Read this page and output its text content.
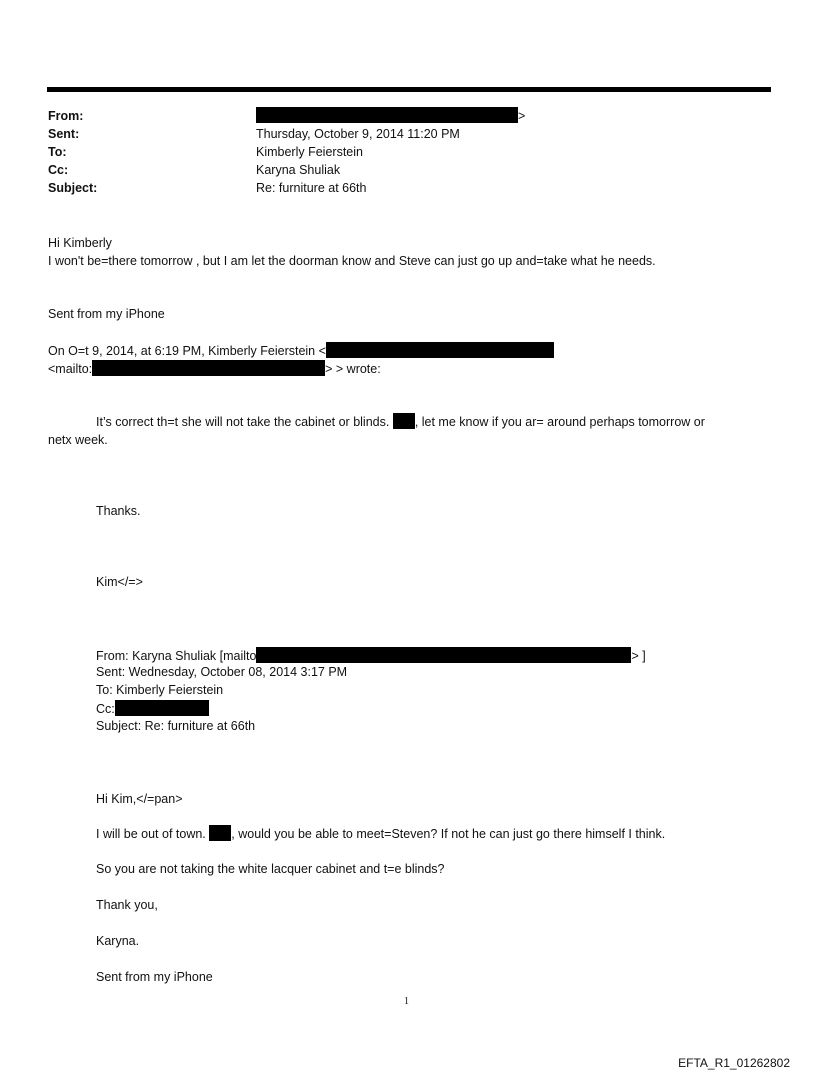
From:	>
Sent:	Thursday, October 9, 2014 11:20 PM
To:	Kimberly Feierstein
Cc:	Karyna Shuliak
Subject:	Re: furniture at 66th
Hi Kimberly
I won't be=there tomorrow , but I am let the doorman know and Steve can just go up and=take what he needs.
Sent from my iPhone
On O=t 9, 2014, at 6:19 PM, Kimberly Feierstein <
<mailto:	> > wrote:
It’s correct th=t she will not take the cabinet or blinds. , let me know if you ar= around perhaps tomorrow or
netx week.
Thanks.
Kim</=>
From: Karyna Shuliak [mailto	> ]
Sent: Wednesday, October 08, 2014 3:17 PM
To: Kimberly Feierstein
Cc:
Subject: Re: furniture at 66th
Hi Kim,</=pan>
I will be out of town. , would you be able to meet=Steven? If not he can just go there himself I think.
So you are not taking the white lacquer cabinet and t=e blinds?
Thank you,
Karyna.
Sent from my iPhone
1
EFTA_R1_01262802
